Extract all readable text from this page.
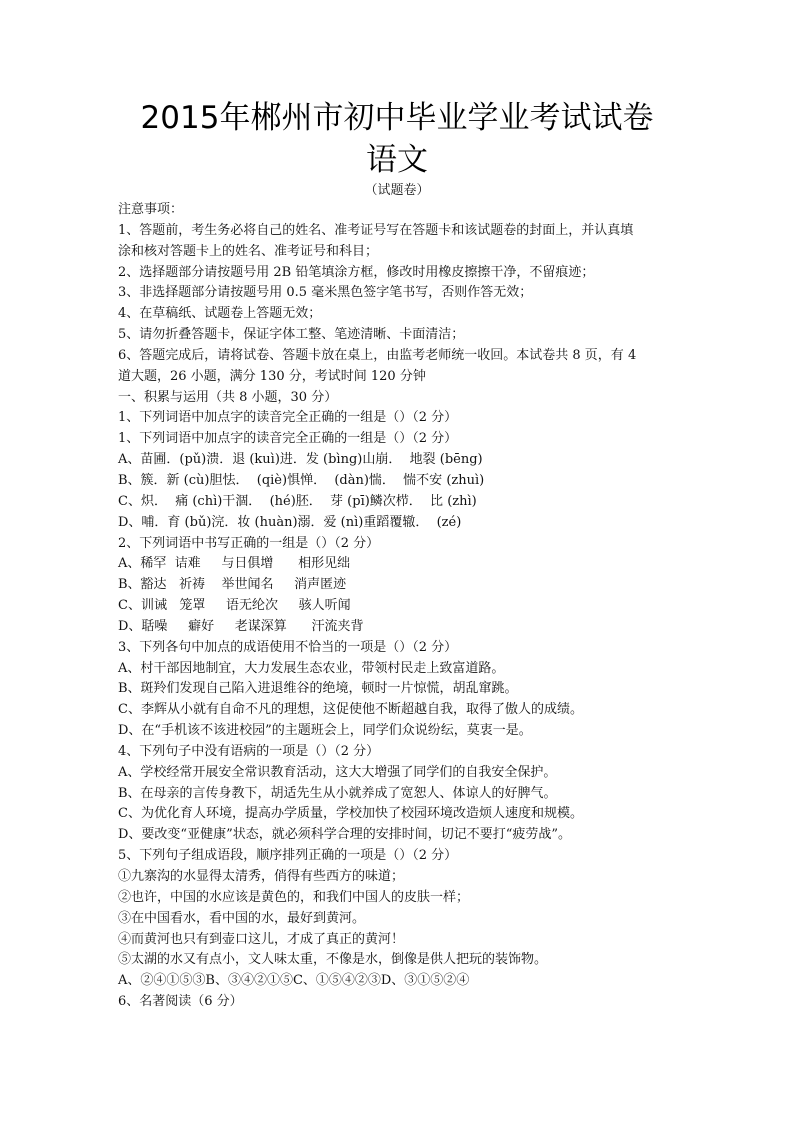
2015年郴州市初中毕业学业考试试卷
语文
（试题卷）
注意事项：
1、答题前，考生务必将自己的姓名、准考证号写在答题卡和该试题卷的封面上，并认真填
涂和核对答题卡上的姓名、准考证号和科目；
2、选择题部分请按题号用 2B 铅笔填涂方框，修改时用橡皮擦擦干净，不留痕迹；
3、非选择题部分请按题号用 0.5 毫米黑色签字笔书写，否则作答无效；
4、在草稿纸、试题卷上答题无效；
5、请勿折叠答题卡，保证字体工整、笔迹清晰、卡面清洁；
6、答题完成后，请将试卷、答题卡放在桌上，由监考老师统一收回。本试卷共 8 页，有 4
道大题，26 小题，满分 130 分，考试时间 120 分钟
一、积累与运用（共 8 小题，30 分）
1、下列词语中加点字的读音完全正确的一组是（）（2 分）
1、下列词语中加点字的读音完全正确的一组是（）（2 分）
A、苗圃．(pǔ)溃．退 (kuì)进．发 (bìng)山崩．  地裂 (bēng)
B、簇．新 (cù)胆怯．  (qiè)惧惮．  (dàn)惴．  惴不安 (zhuì)
C、炽．  痛 (chì)干涸．  (hé)胚．  芽 (pī)鳞次栉．  比 (zhì)
D、哺．育 (bǔ)浣．妆 (huàn)溺．爱 (nì)重蹈覆辙．  (zé)
2、下列词语中书写正确的一组是（）（2 分）
A、稀罕  诘难     与日俱增      相形见绌
B、豁达   祈祷    举世闻名     消声匿迹
C、训诫   笼罩     语无纶次     骇人听闻
D、聒噪     癖好     老谋深算      汗流夹背
3、下列各句中加点的成语使用不恰当的一项是（）（2 分）
A、村干部因地制宜，大力发展生态农业，带领村民走上致富道路。
B、斑羚们发现自己陷入进退维谷的绝境，顿时一片惊慌，胡乱窜跳。
C、李辉从小就有自命不凡的理想，这促使他不断超越自我，取得了傲人的成绩。
D、在“手机该不该进校园”的主题班会上，同学们众说纷纭，莫衷一是。
4、下列句子中没有语病的一项是（）（2 分）
A、学校经常开展安全常识教育活动，这大大增强了同学们的自我安全保护。
B、在母亲的言传身教下，胡适先生从小就养成了宽恕人、体谅人的好脾气。
C、为优化育人环境，提高办学质量，学校加快了校园环境改造烦人速度和规模。
D、要改变“亚健康”状态，就必须科学合理的安排时间，切记不要打“疲劳战”。
5、下列句子组成语段，顺序排列正确的一项是（）（2 分）
①九寨沟的水显得太清秀，俏得有些西方的味道；
②也许，中国的水应该是黄色的，和我们中国人的皮肤一样；
③在中国看水，看中国的水，最好到黄河。
④而黄河也只有到壶口这儿，才成了真正的黄河！
⑤太湖的水又有点小，文人味太重，不像是水，倒像是供人把玩的装饰物。
A、②④①⑤③B、③④②①⑤C、①⑤④②③D、③①⑤②④
6、名著阅读（6 分）
